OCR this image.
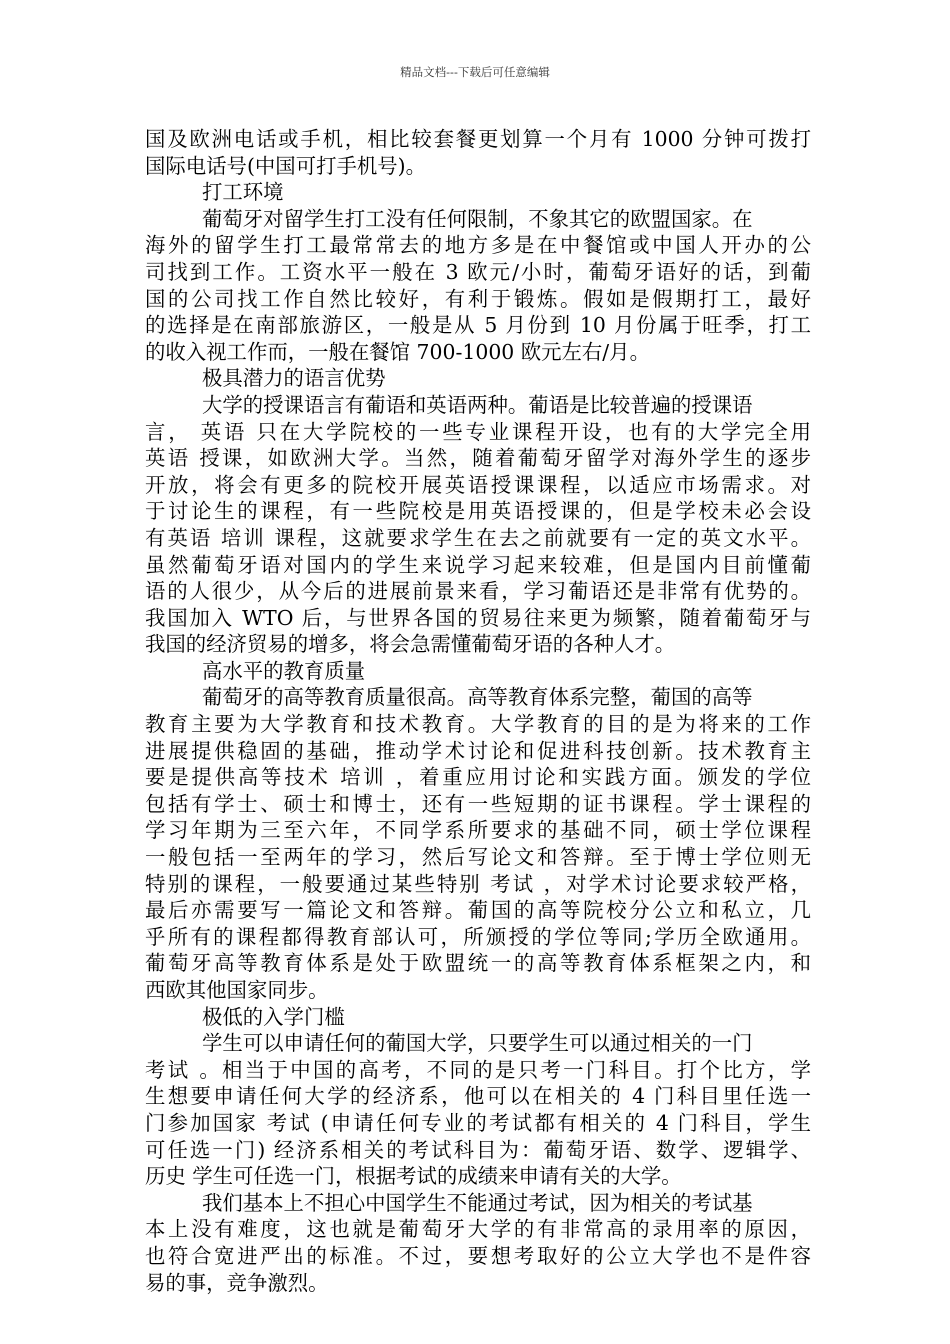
精品文档---下载后可任意编辑
国及欧洲电话或手机，相比较套餐更划算一个月有 1000 分钟可拨打
国际电话号(中国可打手机号)。
打工环境
葡萄牙对留学生打工没有任何限制，不象其它的欧盟国家。在
海外的留学生打工最常常去的地方多是在中餐馆或中国人开办的公
司找到工作。工资水平一般在 3 欧元/小时，葡萄牙语好的话，到葡
国的公司找工作自然比较好，有利于锻炼。假如是假期打工，最好
的选择是在南部旅游区，一般是从 5 月份到 10 月份属于旺季，打工
的收入视工作而，一般在餐馆 700-1000 欧元左右/月。
极具潜力的语言优势
大学的授课语言有葡语和英语两种。葡语是比较普遍的授课语
言， 英语 只在大学院校的一些专业课程开设，也有的大学完全用
英语 授课，如欧洲大学。当然，随着葡萄牙留学对海外学生的逐步
开放，将会有更多的院校开展英语授课课程，以适应市场需求。对
于讨论生的课程，有一些院校是用英语授课的，但是学校未必会设
有英语 培训 课程，这就要求学生在去之前就要有一定的英文水平。
虽然葡萄牙语对国内的学生来说学习起来较难，但是国内目前懂葡
语的人很少，从今后的进展前景来看，学习葡语还是非常有优势的。
我国加入 WTO 后，与世界各国的贸易往来更为频繁，随着葡萄牙与
我国的经济贸易的增多，将会急需懂葡萄牙语的各种人才。
高水平的教育质量
葡萄牙的高等教育质量很高。高等教育体系完整，葡国的高等
教育主要为大学教育和技术教育。大学教育的目的是为将来的工作
进展提供稳固的基础，推动学术讨论和促进科技创新。技术教育主
要是提供高等技术 培训 ，着重应用讨论和实践方面。颁发的学位
包括有学士、硕士和博士，还有一些短期的证书课程。学士课程的
学习年期为三至六年，不同学系所要求的基础不同，硕士学位课程
一般包括一至两年的学习，然后写论文和答辩。至于博士学位则无
特别的课程，一般要通过某些特别 考试 ，对学术讨论要求较严格，
最后亦需要写一篇论文和答辩。葡国的高等院校分公立和私立，几
乎所有的课程都得教育部认可，所颁授的学位等同;学历全欧通用。
葡萄牙高等教育体系是处于欧盟统一的高等教育体系框架之内，和
西欧其他国家同步。
极低的入学门槛
学生可以申请任何的葡国大学，只要学生可以通过相关的一门
考试 。相当于中国的高考，不同的是只考一门科目。打个比方，学
生想要申请任何大学的经济系，他可以在相关的 4 门科目里任选一
门参加国家 考试 (申请任何专业的考试都有相关的 4 门科目，学生
可任选一门) 经济系相关的考试科目为：葡萄牙语、数学、逻辑学、
历史 学生可任选一门，根据考试的成绩来申请有关的大学。
我们基本上不担心中国学生不能通过考试，因为相关的考试基
本上没有难度，这也就是葡萄牙大学的有非常高的录用率的原因，
也符合宽进严出的标准。不过，要想考取好的公立大学也不是件容
易的事，竞争激烈。
